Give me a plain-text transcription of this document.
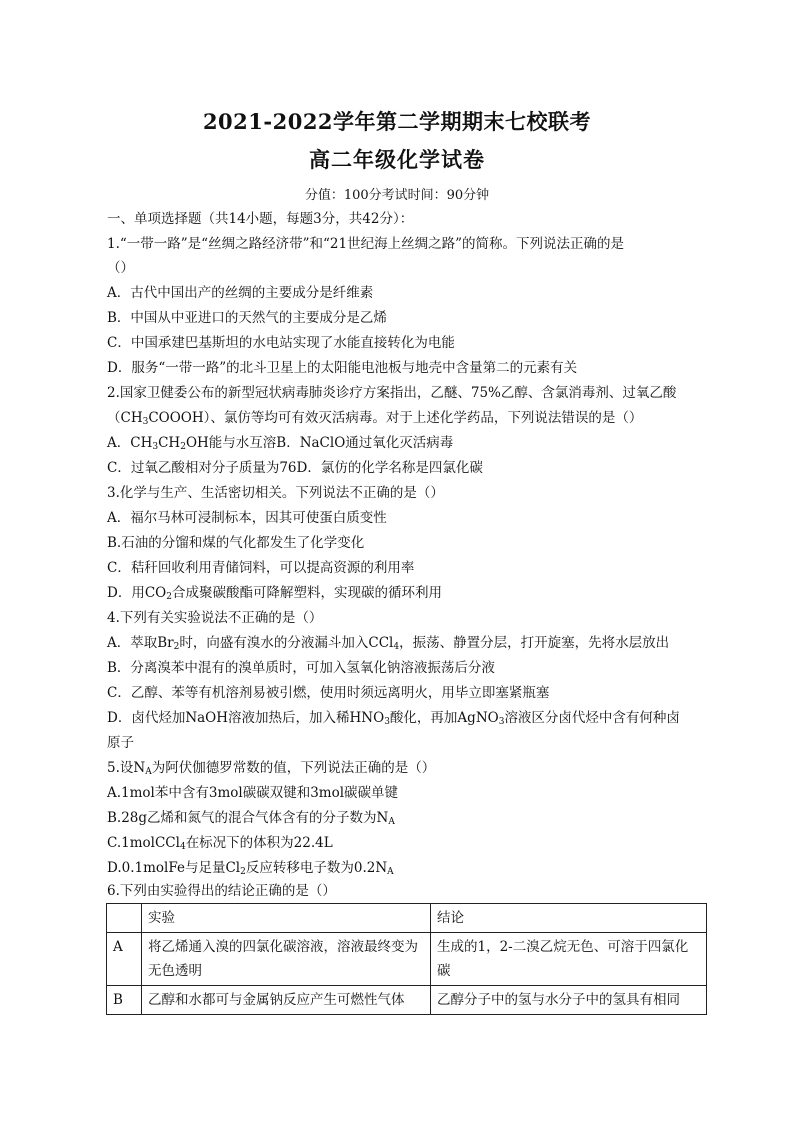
2021-2022学年第二学期期末七校联考
高二年级化学试卷
分值：100分考试时间：90分钟
一、单项选择题（共14小题，每题3分，共42分）：
1.“一带一路”是“丝绸之路经济带”和“21世纪海上丝绸之路”的简称。下列说法正确的是
（）
A．古代中国出产的丝绸的主要成分是纤维素
B．中国从中亚进口的天然气的主要成分是乙烯
C．中国承建巴基斯坦的水电站实现了水能直接转化为电能
D．服务“一带一路”的北斗卫星上的太阳能电池板与地壳中含量第二的元素有关
2.国家卫健委公布的新型冠状病毒肺炎诊疗方案指出，乙醚、75%乙醇、含氯消毒剂、过氧乙酸
$(CH_3COOOH)$、氯仿等均可有效灭活病毒。对于上述化学药品，下列说法错误的是（）
A．$CH_3CH_2OH$能与水互溶B．NaClO通过氧化灭活病毒
C．过氧乙酸相对分子质量为76D．氯仿的化学名称是四氯化碳
3.化学与生产、生活密切相关。下列说法不正确的是（）
A．福尔马林可浸制标本，因其可使蛋白质变性
B.石油的分馏和煤的气化都发生了化学变化
C．秸秆回收利用青储饲料，可以提高资源的利用率
D．用$CO_2$合成聚碳酸酯可降解塑料，实现碳的循环利用
4.下列有关实验说法不正确的是（）
A．萃取$Br_2$时，向盛有溴水的分液漏斗加入CCl$_4$，振荡、静置分层，打开旋塞，先将水层放出
B．分离溴苯中混有的溴单质时，可加入氢氧化钠溶液振荡后分液
C．乙醇、苯等有机溶剂易被引燃，使用时须远离明火，用毕立即塞紧瓶塞
D．卤代烃加NaOH溶液加热后，加入稀$HNO_3$酸化，再加AgNO$_3$溶液区分卤代烃中含有何种卤
原子
5.设$N_A$为阿伏伽德罗常数的值，下列说法正确的是（）
A.1mol苯中含有3mol碳碳双键和3mol碳碳单键
B.28g乙烯和氮气的混合气体含有的分子数为$N_A$
C.1molCCl$_4$在标况下的体积为22.4L
D.0.1molFe与足量$Cl_2$反应转移电子数为$0.2N_A$
6.下列由实验得出的结论正确的是（）
	实验	结论
A	将乙烯通入溴的四氯化碳溶液，溶液最终变为无色透明	生成的1，2-二溴乙烷无色、可溶于四氯化碳
B	乙醇和水都可与金属钠反应产生可燃性气体	乙醇分子中的氢与水分子中的氢具有相同
